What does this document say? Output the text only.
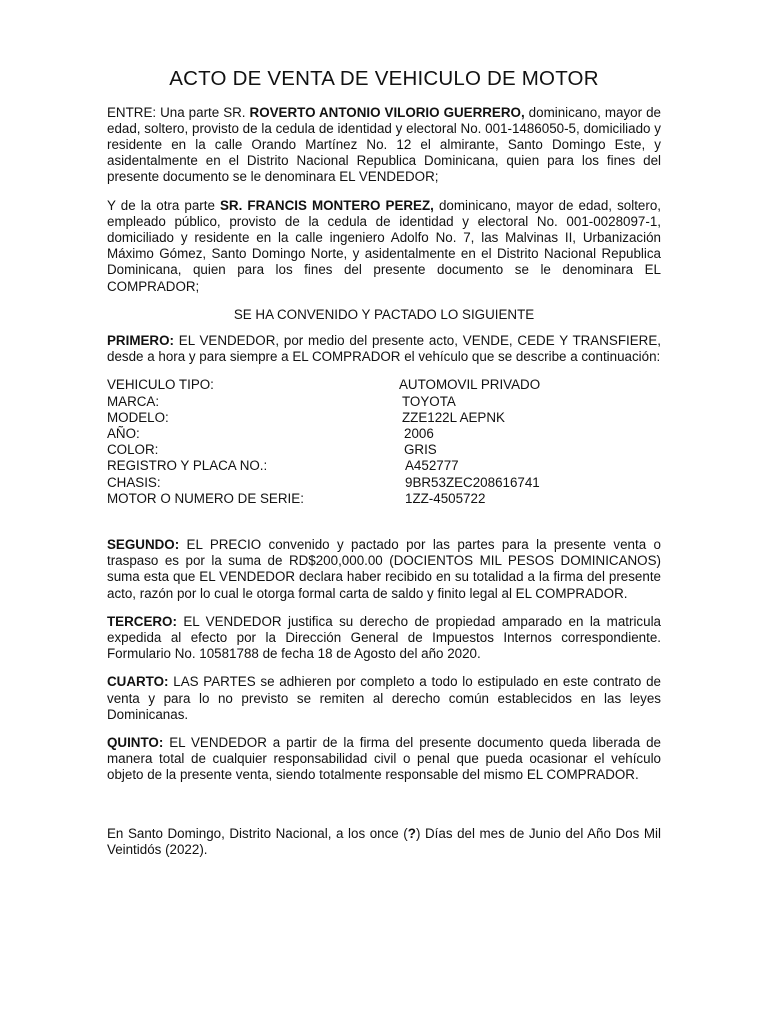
ACTO DE VENTA DE VEHICULO DE MOTOR

ENTRE: Una parte SR. ROVERTO ANTONIO VILORIO GUERRERO, dominicano, mayor de edad, soltero, provisto de la cedula de identidad y electoral No. 001-1486050-5, domiciliado y residente en la calle Orando Martínez No. 12 el almirante, Santo Domingo Este, y asidentalmente en el Distrito Nacional Republica Dominicana, quien para los fines del presente documento se le denominara EL VENDEDOR;

Y de la otra parte SR. FRANCIS MONTERO PEREZ, dominicano, mayor de edad, soltero, empleado público, provisto de la cedula de identidad y electoral No. 001-0028097-1, domiciliado y residente en la calle ingeniero Adolfo No. 7, las Malvinas II, Urbanización Máximo Gómez, Santo Domingo Norte, y asidentalmente en el Distrito Nacional Republica Dominicana, quien para los fines del presente documento se le denominara EL COMPRADOR;

SE HA CONVENIDO Y PACTADO LO SIGUIENTE

PRIMERO: EL VENDEDOR, por medio del presente acto, VENDE, CEDE Y TRANSFIERE, desde a hora y para siempre a EL COMPRADOR el vehículo que se describe a continuación:

VEHICULO TIPO:	AUTOMOVIL PRIVADO
MARCA:	TOYOTA
MODELO:	ZZE122L AEPNK
AÑO:	2006
COLOR:	GRIS
REGISTRO Y PLACA NO.:	A452777
CHASIS:	9BR53ZEC208616741
MOTOR O NUMERO DE SERIE:	1ZZ-4505722

SEGUNDO: EL PRECIO convenido y pactado por las partes para la presente venta o traspaso es por la suma de RD$200,000.00 (DOCIENTOS MIL PESOS DOMINICANOS) suma esta que EL VENDEDOR declara haber recibido en su totalidad a la firma del presente acto, razón por lo cual le otorga formal carta de saldo y finito legal al EL COMPRADOR.

TERCERO: EL VENDEDOR justifica su derecho de propiedad amparado en la matricula expedida al efecto por la Dirección General de Impuestos Internos correspondiente. Formulario No. 10581788 de fecha 18 de Agosto del año 2020.

CUARTO: LAS PARTES se adhieren por completo a todo lo estipulado en este contrato de venta y para lo no previsto se remiten al derecho común establecidos en las leyes Dominicanas.

QUINTO: EL VENDEDOR a partir de la firma del presente documento queda liberada de manera total de cualquier responsabilidad civil o penal que pueda ocasionar el vehículo objeto de la presente venta, siendo totalmente responsable del mismo EL COMPRADOR.

En Santo Domingo, Distrito Nacional, a los once (?) Días del mes de Junio del Año Dos Mil Veintidós (2022).
